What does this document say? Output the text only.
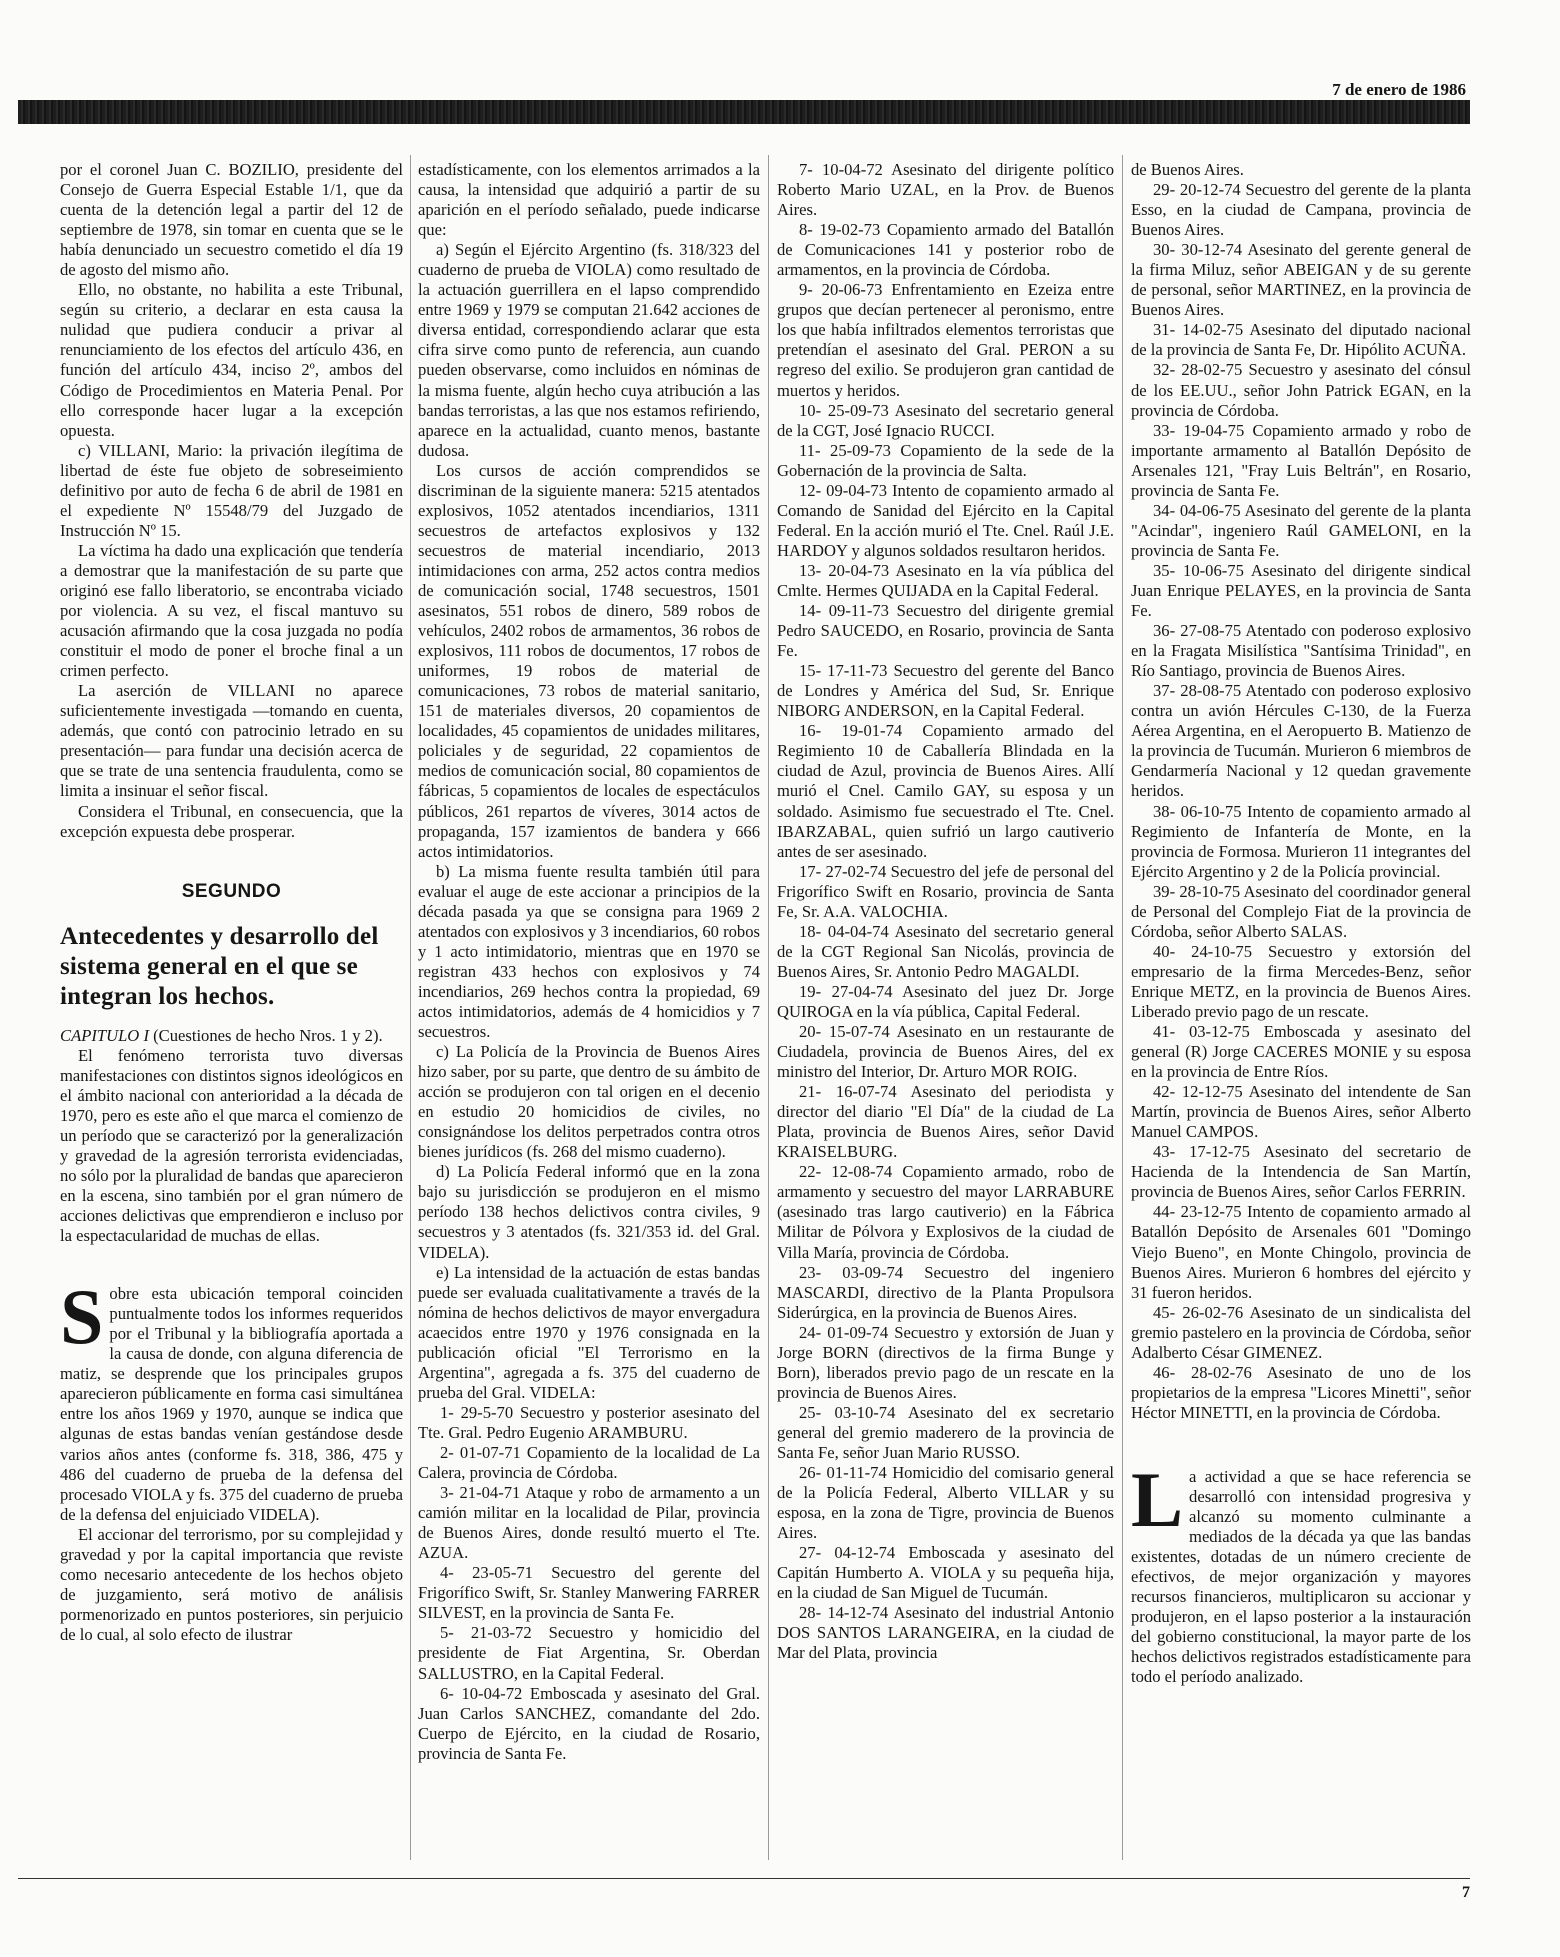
7 de enero de 1986

por el coronel Juan C. BOZILIO, presidente del Consejo de Guerra Especial Estable 1/1, que da cuenta de la detención legal a partir del 12 de septiembre de 1978, sin tomar en cuenta que se le había denunciado un secuestro cometido el día 19 de agosto del mismo año.

Ello, no obstante, no habilita a este Tribunal, según su criterio, a declarar en esta causa la nulidad que pudiera conducir a privar al renunciamiento de los efectos del artículo 436, en función del artículo 434, inciso 2º, ambos del Código de Procedimientos en Materia Penal. Por ello corresponde hacer lugar a la excepción opuesta.

c) VILLANI, Mario: la privación ilegítima de libertad de éste fue objeto de sobreseimiento definitivo por auto de fecha 6 de abril de 1981 en el expediente Nº 15548/79 del Juzgado de Instrucción Nº 15.

La víctima ha dado una explicación que tendería a demostrar que la manifestación de su parte que originó ese fallo liberatorio, se encontraba viciado por violencia. A su vez, el fiscal mantuvo su acusación afirmando que la cosa juzgada no podía constituir el modo de poner el broche final a un crimen perfecto.

La aserción de VILLANI no aparece suficientemente investigada —tomando en cuenta, además, que contó con patrocinio letrado en su presentación— para fundar una decisión acerca de que se trate de una sentencia fraudulenta, como se limita a insinuar el señor fiscal.

Considera el Tribunal, en consecuencia, que la excepción expuesta debe prosperar.

SEGUNDO
Antecedentes y desarrollo del sistema general en el que se integran los hechos.

CAPITULO I (Cuestiones de hecho Nros. 1 y 2).

El fenómeno terrorista tuvo diversas manifestaciones con distintos signos ideológicos en el ámbito nacional con anterioridad a la década de 1970, pero es este año el que marca el comienzo de un período que se caracterizó por la generalización y gravedad de la agresión terrorista evidenciadas, no sólo por la pluralidad de bandas que aparecieron en la escena, sino también por el gran número de acciones delictivas que emprendieron e incluso por la espectacularidad de muchas de ellas.

S obre esta ubicación temporal coinciden puntualmente todos los informes requeridos por el Tribunal y la bibliografía aportada a la causa de donde, con alguna diferencia de matiz, se desprende que los principales grupos aparecieron públicamente en forma casi simultánea entre los años 1969 y 1970, aunque se indica que algunas de estas bandas venían gestándose desde varios años antes (conforme fs. 318, 386, 475 y 486 del cuaderno de prueba de la defensa del procesado VIOLA y fs. 375 del cuaderno de prueba de la defensa del enjuiciado VIDELA).

El accionar del terrorismo, por su complejidad y gravedad y por la capital importancia que reviste como necesario antecedente de los hechos objeto de juzgamiento, será motivo de análisis pormenorizado en puntos posteriores, sin perjuicio de lo cual, al solo efecto de ilustrar

estadísticamente, con los elementos arrimados a la causa, la intensidad que adquirió a partir de su aparición en el período señalado, puede indicarse que:

a) Según el Ejército Argentino (fs. 318/323 del cuaderno de prueba de VIOLA) como resultado de la actuación guerrillera en el lapso comprendido entre 1969 y 1979 se computan 21.642 acciones de diversa entidad, correspondiendo aclarar que esta cifra sirve como punto de referencia, aun cuando pueden observarse, como incluidos en nóminas de la misma fuente, algún hecho cuya atribución a las bandas terroristas, a las que nos estamos refiriendo, aparece en la actualidad, cuanto menos, bastante dudosa.

Los cursos de acción comprendidos se discriminan de la siguiente manera: 5215 atentados explosivos, 1052 atentados incendiarios, 1311 secuestros de artefactos explosivos y 132 secuestros de material incendiario, 2013 intimidaciones con arma, 252 actos contra medios de comunicación social, 1748 secuestros, 1501 asesinatos, 551 robos de dinero, 589 robos de vehículos, 2402 robos de armamentos, 36 robos de explosivos, 111 robos de documentos, 17 robos de uniformes, 19 robos de material de comunicaciones, 73 robos de material sanitario, 151 de materiales diversos, 20 copamientos de localidades, 45 copamientos de unidades militares, policiales y de seguridad, 22 copamientos de medios de comunicación social, 80 copamientos de fábricas, 5 copamientos de locales de espectáculos públicos, 261 repartos de víveres, 3014 actos de propaganda, 157 izamientos de bandera y 666 actos intimidatorios.

b) La misma fuente resulta también útil para evaluar el auge de este accionar a principios de la década pasada ya que se consigna para 1969 2 atentados con explosivos y 3 incendiarios, 60 robos y 1 acto intimidatorio, mientras que en 1970 se registran 433 hechos con explosivos y 74 incendiarios, 269 hechos contra la propiedad, 69 actos intimidatorios, además de 4 homicidios y 7 secuestros.

c) La Policía de la Provincia de Buenos Aires hizo saber, por su parte, que dentro de su ámbito de acción se produjeron con tal origen en el decenio en estudio 20 homicidios de civiles, no consignándose los delitos perpetrados contra otros bienes jurídicos (fs. 268 del mismo cuaderno).

d) La Policía Federal informó que en la zona bajo su jurisdicción se produjeron en el mismo período 138 hechos delictivos contra civiles, 9 secuestros y 3 atentados (fs. 321/353 id. del Gral. VIDELA).

e) La intensidad de la actuación de estas bandas puede ser evaluada cualitativamente a través de la nómina de hechos delictivos de mayor envergadura acaecidos entre 1970 y 1976 consignada en la publicación oficial "El Terrorismo en la Argentina", agregada a fs. 375 del cuaderno de prueba del Gral. VIDELA:

1- 29-5-70 Secuestro y posterior asesinato del Tte. Gral. Pedro Eugenio ARAMBURU.

2- 01-07-71 Copamiento de la localidad de La Calera, provincia de Córdoba.

3- 21-04-71 Ataque y robo de armamento a un camión militar en la localidad de Pilar, provincia de Buenos Aires, donde resultó muerto el Tte. AZUA.

4- 23-05-71 Secuestro del gerente del Frigorífico Swift, Sr. Stanley Manwering FARRER SILVEST, en la provincia de Santa Fe.

5- 21-03-72 Secuestro y homicidio del presidente de Fiat Argentina, Sr. Oberdan SALLUSTRO, en la Capital Federal.

6- 10-04-72 Emboscada y asesinato del Gral. Juan Carlos SANCHEZ, comandante del 2do. Cuerpo de Ejército, en la ciudad de Rosario, provincia de Santa Fe.

7- 10-04-72 Asesinato del dirigente político Roberto Mario UZAL, en la Prov. de Buenos Aires.

8- 19-02-73 Copamiento armado del Batallón de Comunicaciones 141 y posterior robo de armamentos, en la provincia de Córdoba.

9- 20-06-73 Enfrentamiento en Ezeiza entre grupos que decían pertenecer al peronismo, entre los que había infiltrados elementos terroristas que pretendían el asesinato del Gral. PERON a su regreso del exilio. Se produjeron gran cantidad de muertos y heridos.

10- 25-09-73 Asesinato del secretario general de la CGT, José Ignacio RUCCI.

11- 25-09-73 Copamiento de la sede de la Gobernación de la provincia de Salta.

12- 09-04-73 Intento de copamiento armado al Comando de Sanidad del Ejército en la Capital Federal. En la acción murió el Tte. Cnel. Raúl J.E. HARDOY y algunos soldados resultaron heridos.

13- 20-04-73 Asesinato en la vía pública del Cmlte. Hermes QUIJADA en la Capital Federal.

14- 09-11-73 Secuestro del dirigente gremial Pedro SAUCEDO, en Rosario, provincia de Santa Fe.

15- 17-11-73 Secuestro del gerente del Banco de Londres y América del Sud, Sr. Enrique NIBORG ANDERSON, en la Capital Federal.

16- 19-01-74 Copamiento armado del Regimiento 10 de Caballería Blindada en la ciudad de Azul, provincia de Buenos Aires. Allí murió el Cnel. Camilo GAY, su esposa y un soldado. Asimismo fue secuestrado el Tte. Cnel. IBARZABAL, quien sufrió un largo cautiverio antes de ser asesinado.

17- 27-02-74 Secuestro del jefe de personal del Frigorífico Swift en Rosario, provincia de Santa Fe, Sr. A.A. VALOCHIA.

18- 04-04-74 Asesinato del secretario general de la CGT Regional San Nicolás, provincia de Buenos Aires, Sr. Antonio Pedro MAGALDI.

19- 27-04-74 Asesinato del juez Dr. Jorge QUIROGA en la vía pública, Capital Federal.

20- 15-07-74 Asesinato en un restaurante de Ciudadela, provincia de Buenos Aires, del ex ministro del Interior, Dr. Arturo MOR ROIG.

21- 16-07-74 Asesinato del periodista y director del diario "El Día" de la ciudad de La Plata, provincia de Buenos Aires, señor David KRAISELBURG.

22- 12-08-74 Copamiento armado, robo de armamento y secuestro del mayor LARRABURE (asesinado tras largo cautiverio) en la Fábrica Militar de Pólvora y Explosivos de la ciudad de Villa María, provincia de Córdoba.

23- 03-09-74 Secuestro del ingeniero MASCARDI, directivo de la Planta Propulsora Siderúrgica, en la provincia de Buenos Aires.

24- 01-09-74 Secuestro y extorsión de Juan y Jorge BORN (directivos de la firma Bunge y Born), liberados previo pago de un rescate en la provincia de Buenos Aires.

25- 03-10-74 Asesinato del ex secretario general del gremio maderero de la provincia de Santa Fe, señor Juan Mario RUSSO.

26- 01-11-74 Homicidio del comisario general de la Policía Federal, Alberto VILLAR y su esposa, en la zona de Tigre, provincia de Buenos Aires.

27- 04-12-74 Emboscada y asesinato del Capitán Humberto A. VIOLA y su pequeña hija, en la ciudad de San Miguel de Tucumán.

28- 14-12-74 Asesinato del industrial Antonio DOS SANTOS LARANGEIRA, en la ciudad de Mar del Plata, provincia

de Buenos Aires.

29- 20-12-74 Secuestro del gerente de la planta Esso, en la ciudad de Campana, provincia de Buenos Aires.

30- 30-12-74 Asesinato del gerente general de la firma Miluz, señor ABEIGAN y de su gerente de personal, señor MARTINEZ, en la provincia de Buenos Aires.

31- 14-02-75 Asesinato del diputado nacional de la provincia de Santa Fe, Dr. Hipólito ACUÑA.

32- 28-02-75 Secuestro y asesinato del cónsul de los EE.UU., señor John Patrick EGAN, en la provincia de Córdoba.

33- 19-04-75 Copamiento armado y robo de importante armamento al Batallón Depósito de Arsenales 121, "Fray Luis Beltrán", en Rosario, provincia de Santa Fe.

34- 04-06-75 Asesinato del gerente de la planta "Acindar", ingeniero Raúl GAMELONI, en la provincia de Santa Fe.

35- 10-06-75 Asesinato del dirigente sindical Juan Enrique PELAYES, en la provincia de Santa Fe.

36- 27-08-75 Atentado con poderoso explosivo en la Fragata Misilística "Santísima Trinidad", en Río Santiago, provincia de Buenos Aires.

37- 28-08-75 Atentado con poderoso explosivo contra un avión Hércules C-130, de la Fuerza Aérea Argentina, en el Aeropuerto B. Matienzo de la provincia de Tucumán. Murieron 6 miembros de Gendarmería Nacional y 12 quedan gravemente heridos.

38- 06-10-75 Intento de copamiento armado al Regimiento de Infantería de Monte, en la provincia de Formosa. Murieron 11 integrantes del Ejército Argentino y 2 de la Policía provincial.

39- 28-10-75 Asesinato del coordinador general de Personal del Complejo Fiat de la provincia de Córdoba, señor Alberto SALAS.

40- 24-10-75 Secuestro y extorsión del empresario de la firma Mercedes-Benz, señor Enrique METZ, en la provincia de Buenos Aires. Liberado previo pago de un rescate.

41- 03-12-75 Emboscada y asesinato del general (R) Jorge CACERES MONIE y su esposa en la provincia de Entre Ríos.

42- 12-12-75 Asesinato del intendente de San Martín, provincia de Buenos Aires, señor Alberto Manuel CAMPOS.

43- 17-12-75 Asesinato del secretario de Hacienda de la Intendencia de San Martín, provincia de Buenos Aires, señor Carlos FERRIN.

44- 23-12-75 Intento de copamiento armado al Batallón Depósito de Arsenales 601 "Domingo Viejo Bueno", en Monte Chingolo, provincia de Buenos Aires. Murieron 6 hombres del ejército y 31 fueron heridos.

45- 26-02-76 Asesinato de un sindicalista del gremio pastelero en la provincia de Córdoba, señor Adalberto César GIMENEZ.

46- 28-02-76 Asesinato de uno de los propietarios de la empresa "Licores Minetti", señor Héctor MINETTI, en la provincia de Córdoba.

L a actividad a que se hace referencia se desarrolló con intensidad progresiva y alcanzó su momento culminante a mediados de la década ya que las bandas existentes, dotadas de un número creciente de efectivos, de mejor organización y mayores recursos financieros, multiplicaron su accionar y produjeron, en el lapso posterior a la instauración del gobierno constitucional, la mayor parte de los hechos delictivos registrados estadísticamente para todo el período analizado.
7
